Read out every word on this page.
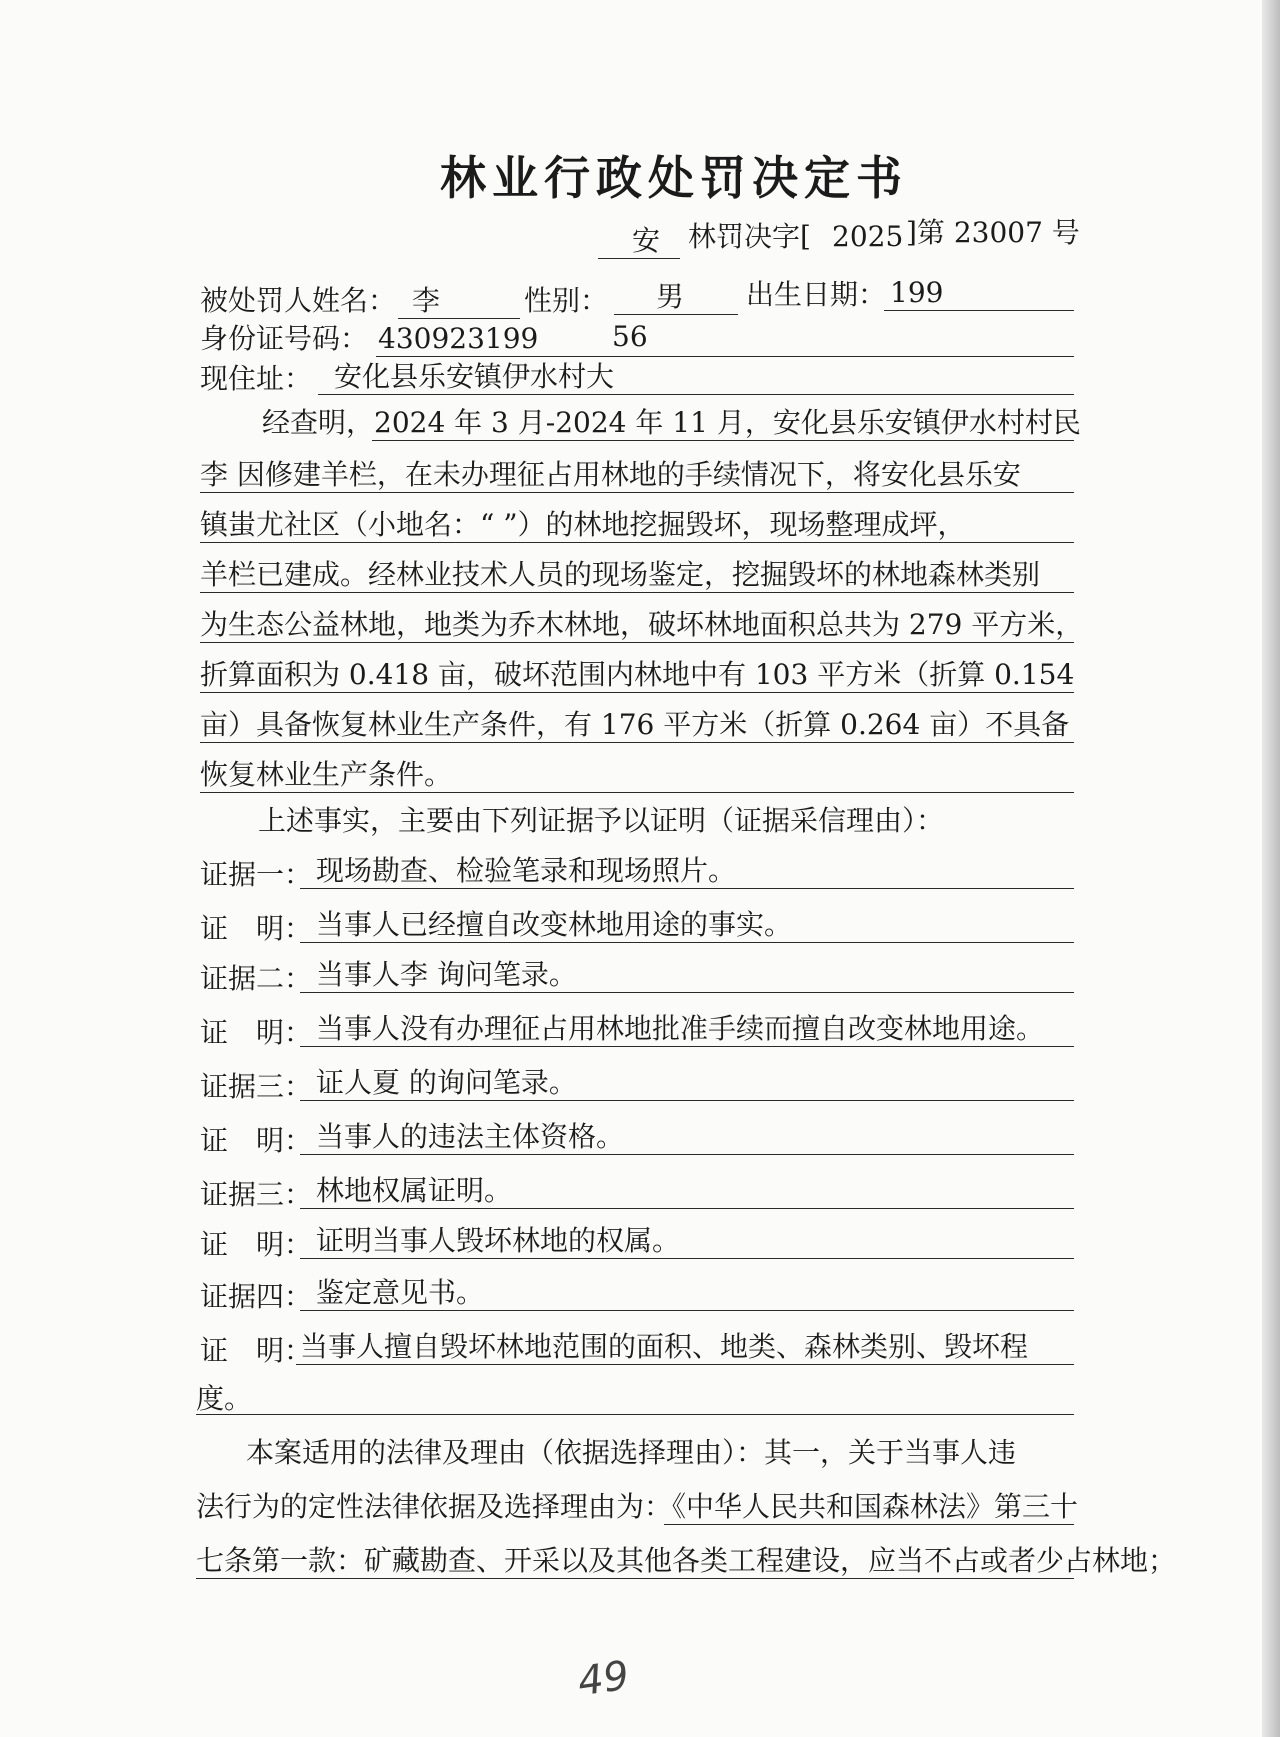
林业行政处罚决定书
安 林罚决字[ 2025 ]第 23007 号
被处罚人姓名： 李	性别： 男 出生日期： 199
身份证号码： 430923199	56
现住址： 安化县乐安镇伊水村大
经查明，2024 年 3 月-2024 年 11 月，安化县乐安镇伊水村村民
李 因修建羊栏，在未办理征占用林地的手续情况下，将安化县乐安
镇蚩尤社区（小地名：“ ”）的林地挖掘毁坏，现场整理成坪，
羊栏已建成。经林业技术人员的现场鉴定，挖掘毁坏的林地森林类别
为生态公益林地，地类为乔木林地，破坏林地面积总共为 279 平方米，
折算面积为 0.418 亩，破坏范围内林地中有 103 平方米（折算 0.154
亩）具备恢复林业生产条件，有 176 平方米（折算 0.264 亩）不具备
恢复林业生产条件。
上述事实，主要由下列证据予以证明（证据采信理由）：
证据一： 现场勘查、检验笔录和现场照片。
证　明： 当事人已经擅自改变林地用途的事实。
证据二： 当事人李 询问笔录。
证　明： 当事人没有办理征占用林地批准手续而擅自改变林地用途。
证据三： 证人夏 的询问笔录。
证　明： 当事人的违法主体资格。
证据三： 林地权属证明。
证　明： 证明当事人毁坏林地的权属。
证据四： 鉴定意见书。
证　明：
当事人擅自毁坏林地范围的面积、地类、森林类别、毁坏程
度。
本案适用的法律及理由（依据选择理由）：其一，关于当事人违
法行为的定性法律依据及选择理由为：《中华人民共和国森林法》第三十
七条第一款：矿藏勘查、开采以及其他各类工程建设，应当不占或者少占林地；
49
